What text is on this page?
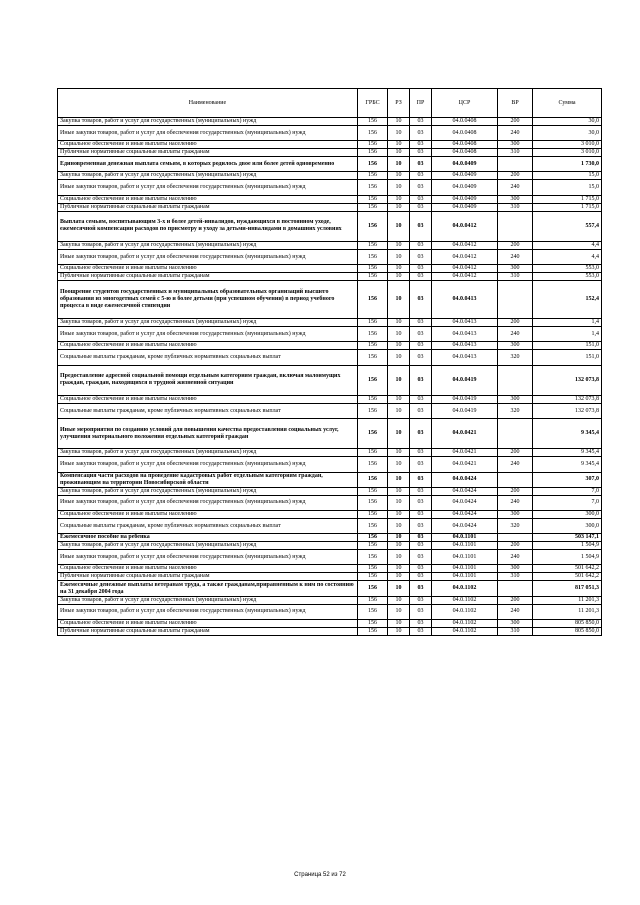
Наименование	ГРБС	РЗ	ПР	ЦСР	ВР	Сумма
Закупка товаров, работ и услуг для государственных (муниципальных) нужд	156	10	03	04.0.0408	200	30,0
Иные закупки товаров, работ и услуг для обеспечения государственных (муниципальных) нужд	156	10	03	04.0.0408	240	30,0
Социальное обеспечение и иные выплаты населению	156	10	03	04.0.0408	300	3 010,0
Публичные нормативные социальные выплаты гражданам	156	10	03	04.0.0408	310	3 010,0
Единовременная денежная выплата семьям, в которых родилось двое или более детей одновременно	156	10	03	04.0.0409		1 730,0
Закупка товаров, работ и услуг для государственных (муниципальных) нужд	156	10	03	04.0.0409	200	15,0
Иные закупки товаров, работ и услуг для обеспечения государственных (муниципальных) нужд	156	10	03	04.0.0409	240	15,0
Социальное обеспечение и иные выплаты населению	156	10	03	04.0.0409	300	1 715,0
Публичные нормативные социальные выплаты гражданам	156	10	03	04.0.0409	310	1 715,0
Выплата семьям, воспитывающим 3-х и более детей-инвалидов, нуждающихся в постоянном уходе, ежемесячной компенсации расходов по присмотру и уходу за детьми-инвалидами в домашних условиях	156	10	03	04.0.0412		557,4
Закупка товаров, работ и услуг для государственных (муниципальных) нужд	156	10	03	04.0.0412	200	4,4
Иные закупки товаров, работ и услуг для обеспечения государственных (муниципальных) нужд	156	10	03	04.0.0412	240	4,4
Социальное обеспечение и иные выплаты населению	156	10	03	04.0.0412	300	553,0
Публичные нормативные социальные выплаты гражданам	156	10	03	04.0.0412	310	553,0
Поощрение студентов государственных и муниципальных образовательных организаций высшего образования из многодетных семей с 5-ю и более детьми (при успешном обучении) в период учебного процесса в виде ежемесячной стипендии	156	10	03	04.0.0413		152,4
Закупка товаров, работ и услуг для государственных (муниципальных) нужд	156	10	03	04.0.0413	200	1,4
Иные закупки товаров, работ и услуг для обеспечения государственных (муниципальных) нужд	156	10	03	04.0.0413	240	1,4
Социальное обеспечение и иные выплаты населению	156	10	03	04.0.0413	300	151,0
Социальные выплаты гражданам, кроме публичных нормативных социальных выплат	156	10	03	04.0.0413	320	151,0
Предоставление адресной социальной помощи отдельным категориям граждан, включая малоимущих граждан, граждан, находящихся в трудной жизненной ситуации	156	10	03	04.0.0419		132 073,8
Социальное обеспечение и иные выплаты населению	156	10	03	04.0.0419	300	132 073,8
Социальные выплаты гражданам, кроме публичных нормативных социальных выплат	156	10	03	04.0.0419	320	132 073,8
Иные мероприятия по созданию условий для повышения качества предоставления социальных услуг, улучшения материального положения отдельных категорий граждан	156	10	03	04.0.0421		9 345,4
Закупка товаров, работ и услуг для государственных (муниципальных) нужд	156	10	03	04.0.0421	200	9 345,4
Иные закупки товаров, работ и услуг для обеспечения государственных (муниципальных) нужд	156	10	03	04.0.0421	240	9 345,4
Компенсация части расходов на проведение кадастровых работ отдельным категориям граждан, проживающим на территории Новосибирской области	156	10	03	04.0.0424		307,0
Закупка товаров, работ и услуг для государственных (муниципальных) нужд	156	10	03	04.0.0424	200	7,0
Иные закупки товаров, работ и услуг для обеспечения государственных (муниципальных) нужд	156	10	03	04.0.0424	240	7,0
Социальное обеспечение и иные выплаты населению	156	10	03	04.0.0424	300	300,0
Социальные выплаты гражданам, кроме публичных нормативных социальных выплат	156	10	03	04.0.0424	320	300,0
Ежемесячное пособие на ребенка	156	10	03	04.0.1101		503 147,1
Закупка товаров, работ и услуг для государственных (муниципальных) нужд	156	10	03	04.0.1101	200	1 504,9
Иные закупки товаров, работ и услуг для обеспечения государственных (муниципальных) нужд	156	10	03	04.0.1101	240	1 504,9
Социальное обеспечение и иные выплаты населению	156	10	03	04.0.1101	300	501 642,2
Публичные нормативные социальные выплаты гражданам	156	10	03	04.0.1101	310	501 642,2
Ежемесячные денежные выплаты ветеранам труда, а также гражданам,приравненным к ним по состоянию на 31 декабря 2004 года	156	10	03	04.0.1102		817 051,3
Закупка товаров, работ и услуг для государственных (муниципальных) нужд	156	10	03	04.0.1102	200	11 201,3
Иные закупки товаров, работ и услуг для обеспечения государственных (муниципальных) нужд	156	10	03	04.0.1102	240	11 201,3
Социальное обеспечение и иные выплаты населению	156	10	03	04.0.1102	300	805 850,0
Публичные нормативные социальные выплаты гражданам	156	10	03	04.0.1102	310	805 850,0
Страница 52 из 72
